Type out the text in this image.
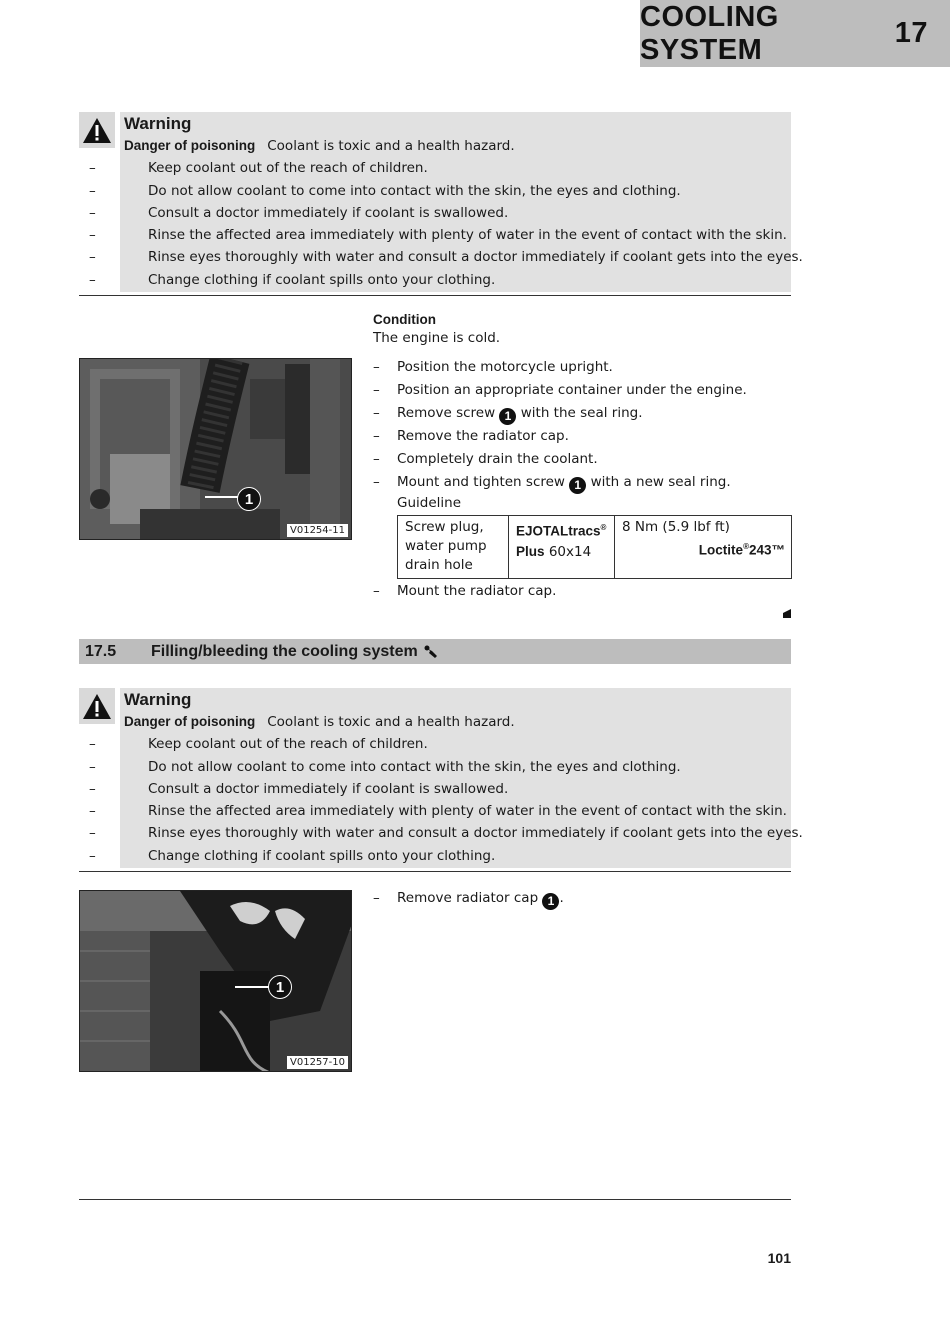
COOLING SYSTEM
17
Warning
Danger of poisoning Coolant is toxic and a health hazard.
– Keep coolant out of the reach of children.
– Do not allow coolant to come into contact with the skin, the eyes and clothing.
– Consult a doctor immediately if coolant is swallowed.
– Rinse the affected area immediately with plenty of water in the event of contact with the skin.
– Rinse eyes thoroughly with water and consult a doctor immediately if coolant gets into the eyes.
– Change clothing if coolant spills onto your clothing.
1
V01254-11
Condition
The engine is cold.
– Position the motorcycle upright.
– Position an appropriate container under the engine.
– Remove screw 1 with the seal ring.
– Remove the radiator cap.
– Completely drain the coolant.
– Mount and tighten screw 1 with a new seal ring.
Guideline
Screw plug,
water pump
drain hole

EJOTALtracs®
Plus 60x14

8 Nm (5.9 lbf ft)
Loctite®243™
– Mount the radiator cap.
17.5	Filling/bleeding the cooling system
Warning
Danger of poisoning Coolant is toxic and a health hazard.
– Keep coolant out of the reach of children.
– Do not allow coolant to come into contact with the skin, the eyes and clothing.
– Consult a doctor immediately if coolant is swallowed.
– Rinse the affected area immediately with plenty of water in the event of contact with the skin.
– Rinse eyes thoroughly with water and consult a doctor immediately if coolant gets into the eyes.
– Change clothing if coolant spills onto your clothing.
1
V01257-10
– Remove radiator cap 1 .
101
